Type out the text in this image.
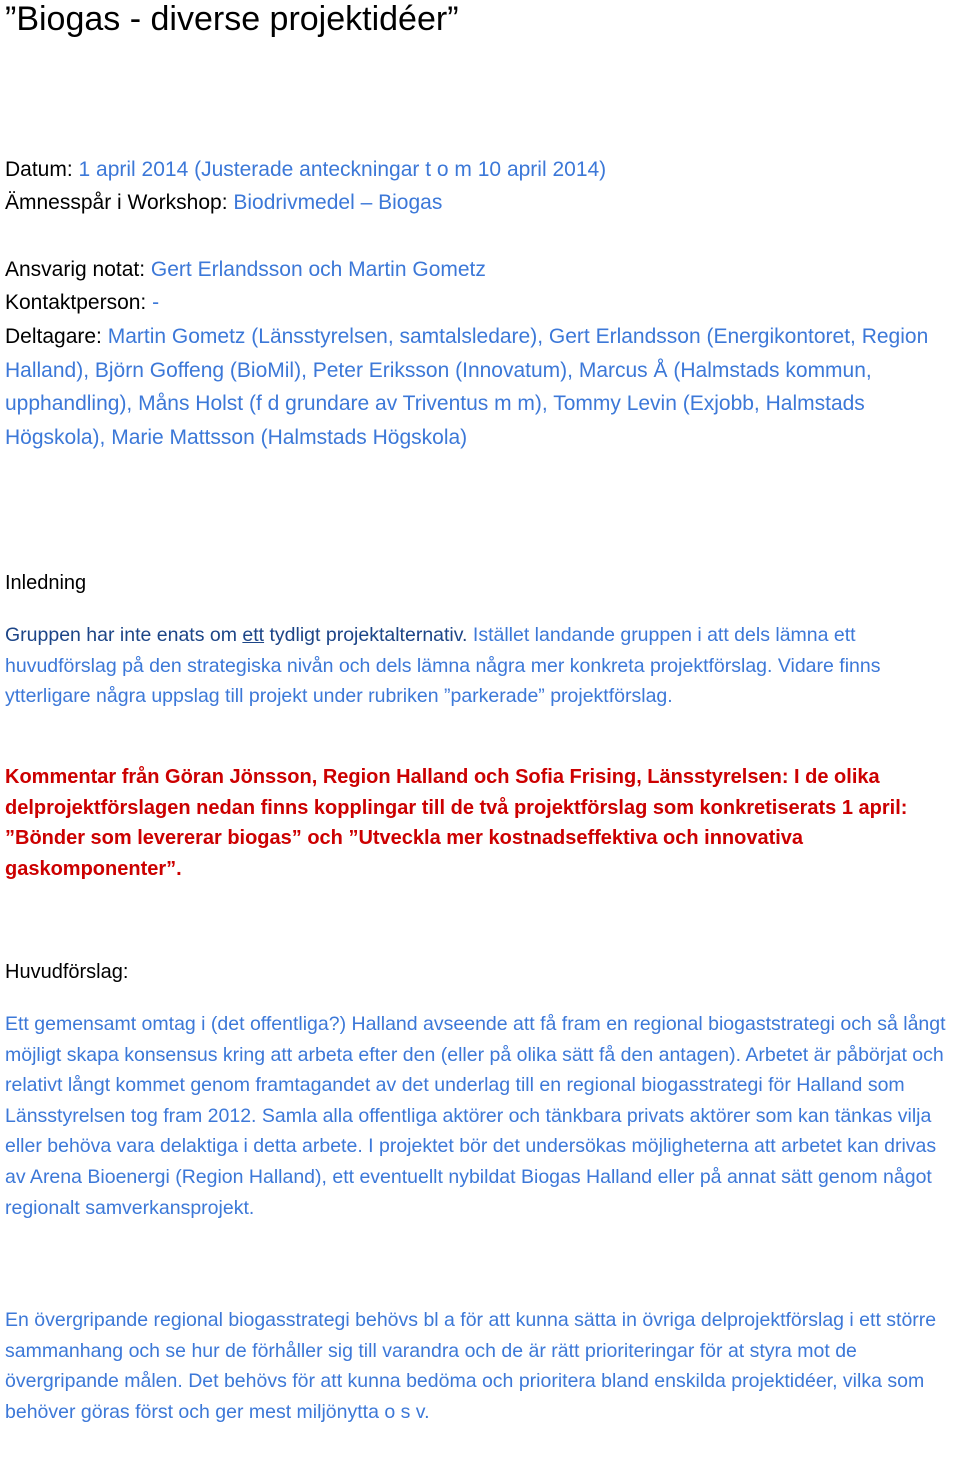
”Biogas - diverse projektidéer”

Datum: 1 april 2014 (Justerade anteckningar t o m 10 april 2014)

Ämnesspår i Workshop: Biodrivmedel – Biogas

Ansvarig notat: Gert Erlandsson och Martin Gometz

Kontaktperson: -

Deltagare: Martin Gometz (Länsstyrelsen, samtalsledare), Gert Erlandsson (Energikontoret, Region Halland), Björn Goffeng (BioMil), Peter Eriksson (Innovatum), Marcus Å (Halmstads kommun, upphandling), Måns Holst (f d grundare av Triventus m m), Tommy Levin (Exjobb, Halmstads Högskola), Marie Mattsson (Halmstads Högskola)

Inledning

Gruppen har inte enats om ett tydligt projektalternativ. Istället landande gruppen i att dels lämna ett huvudförslag på den strategiska nivån och dels lämna några mer konkreta projektförslag. Vidare finns ytterligare några uppslag till projekt under rubriken ”parkerade” projektförslag.

Kommentar från Göran Jönsson, Region Halland och Sofia Frising, Länsstyrelsen: I de olika delprojektförslagen nedan finns kopplingar till de två projektförslag som konkretiserats 1 april: ”Bönder som levererar biogas” och ”Utveckla mer kostnadseffektiva och innovativa gaskomponenter”.

Huvudförslag:

Ett gemensamt omtag i (det offentliga?) Halland avseende att få fram en regional biogaststrategi och så långt möjligt skapa konsensus kring att arbeta efter den (eller på olika sätt få den antagen). Arbetet är påbörjat och relativt långt kommet genom framtagandet av det underlag till en regional biogasstrategi för Halland som Länsstyrelsen tog fram 2012. Samla alla offentliga aktörer och tänkbara privats aktörer som kan tänkas vilja eller behöva vara delaktiga i detta arbete. I projektet bör det undersökas möjligheterna att arbetet kan drivas av Arena Bioenergi (Region Halland), ett eventuellt nybildat Biogas Halland eller på annat sätt genom något regionalt samverkansprojekt.

En övergripande regional biogasstrategi behövs bl a för att kunna sätta in övriga delprojektförslag i ett större sammanhang och se hur de förhåller sig till varandra och de är rätt prioriteringar för at styra mot de övergripande målen. Det behövs för att kunna bedöma och prioritera bland enskilda projektidéer, vilka som behöver göras först och ger mest miljönytta o s v.
